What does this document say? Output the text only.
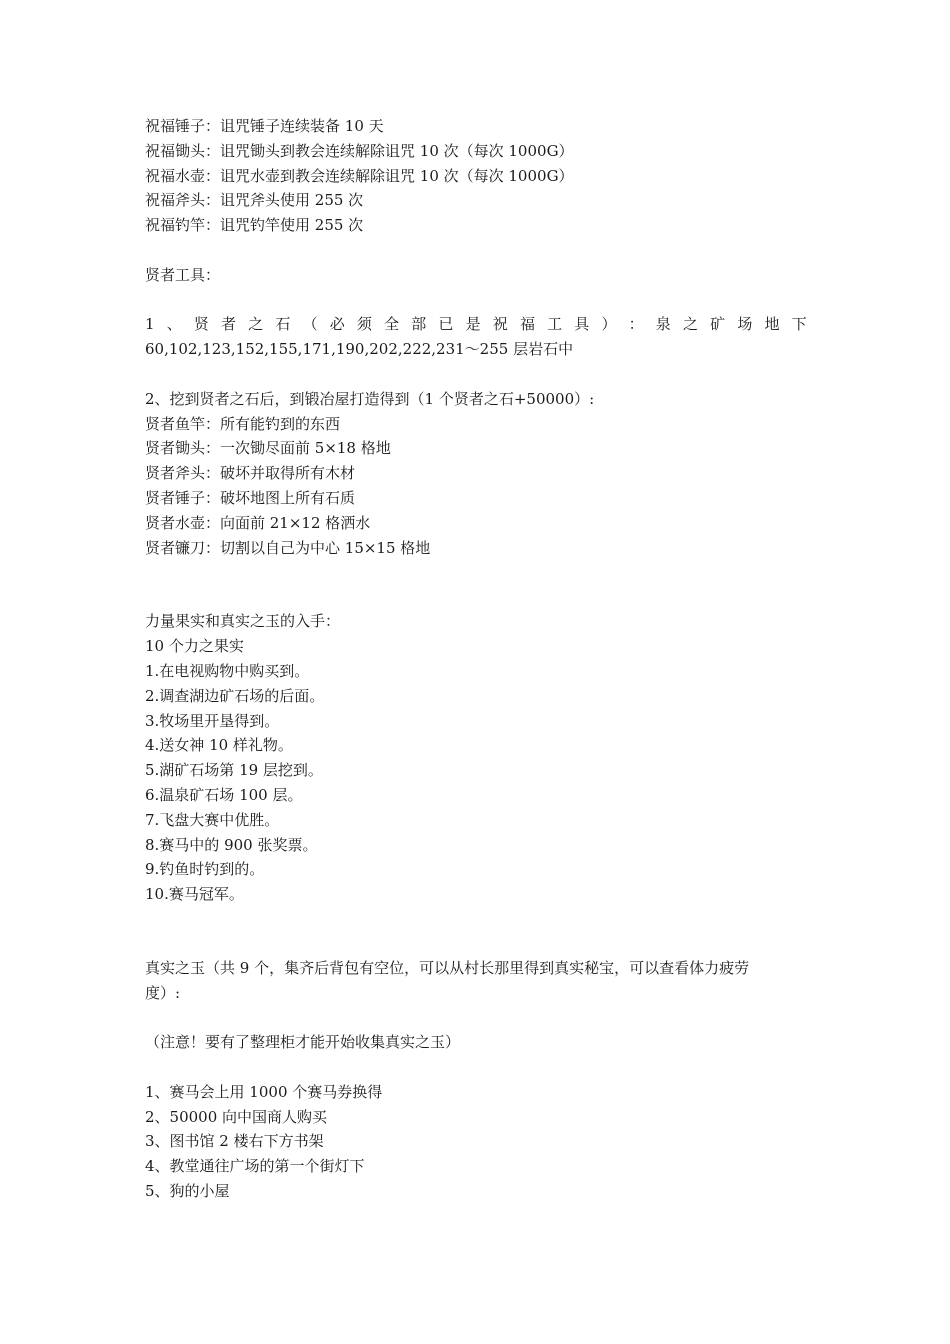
祝福锤子：诅咒锤子连续装备 10 天
祝福锄头：诅咒锄头到教会连续解除诅咒 10 次（每次 1000G）
祝福水壶：诅咒水壶到教会连续解除诅咒 10 次（每次 1000G）
祝福斧头：诅咒斧头使用 255 次
祝福钓竿：诅咒钓竿使用 255 次
贤者工具：
1 、 贤 者 之 石 （ 必 须 全 部 已 是 祝 福 工 具 ） ： 泉 之 矿 场 地 下
60,102,123,152,155,171,190,202,222,231～255 层岩石中
2、挖到贤者之石后，到锻冶屋打造得到（1 个贤者之石+50000）:
贤者鱼竿：所有能钓到的东西
贤者锄头：一次锄尽面前 5×18 格地
贤者斧头：破坏并取得所有木材
贤者锤子：破坏地图上所有石质
贤者水壶：向面前 21×12 格洒水
贤者镰刀：切割以自己为中心 15×15 格地
力量果实和真实之玉的入手：
10 个力之果实
1.在电视购物中购买到。
2.调查湖边矿石场的后面。
3.牧场里开垦得到。
4.送女神 10 样礼物。
5.湖矿石场第 19 层挖到。
6.温泉矿石场 100 层。
7.飞盘大赛中优胜。
8.赛马中的 900 张奖票。
9.钓鱼时钓到的。
10.赛马冠军。
真实之玉（共 9 个，集齐后背包有空位，可以从村长那里得到真实秘宝，可以查看体力疲劳
度）:
（注意！要有了整理柜才能开始收集真实之玉）
1、赛马会上用 1000 个赛马券换得
2、50000 向中国商人购买
3、图书馆 2 楼右下方书架
4、教堂通往广场的第一个街灯下
5、狗的小屋
